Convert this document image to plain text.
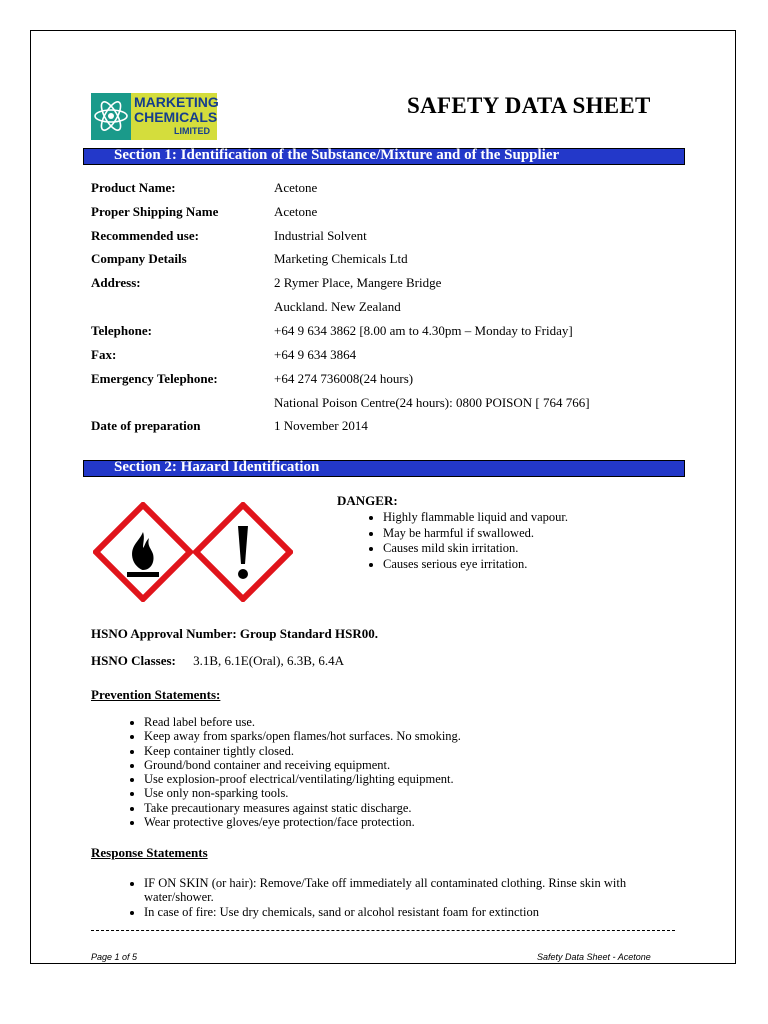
MARKETING
CHEMICALS
LIMITED
SAFETY DATA SHEET
Section 1: Identification of the Substance/Mixture and of the Supplier
Product Name:	Acetone
Proper Shipping Name	Acetone
Recommended use:	Industrial Solvent
Company Details	Marketing Chemicals Ltd
Address:	2 Rymer Place, Mangere Bridge
Auckland. New Zealand
Telephone:	+64 9 634 3862 [8.00 am to 4.30pm – Monday to Friday]
Fax:	+64 9 634 3864
Emergency Telephone:	+64 274 736008(24 hours)
National Poison Centre(24 hours): 0800 POISON [ 764 766]
Date of preparation	1 November 2014
Section 2: Hazard Identification
DANGER:
• Highly flammable liquid and vapour.
• May be harmful if swallowed.
• Causes mild skin irritation.
• Causes serious eye irritation.
HSNO Approval Number: Group Standard HSR00.
HSNO Classes: 3.1B, 6.1E(Oral), 6.3B, 6.4A
Prevention Statements:
• Read label before use.
• Keep away from sparks/open flames/hot surfaces. No smoking.
• Keep container tightly closed.
• Ground/bond container and receiving equipment.
• Use explosion-proof electrical/ventilating/lighting equipment.
• Use only non-sparking tools.
• Take precautionary measures against static discharge.
• Wear protective gloves/eye protection/face protection.
Response Statements
• IF ON SKIN (or hair): Remove/Take off immediately all contaminated clothing. Rinse skin with water/shower.
• In case of fire: Use dry chemicals, sand or alcohol resistant foam for extinction
Page 1 of 5	Safety Data Sheet - Acetone
